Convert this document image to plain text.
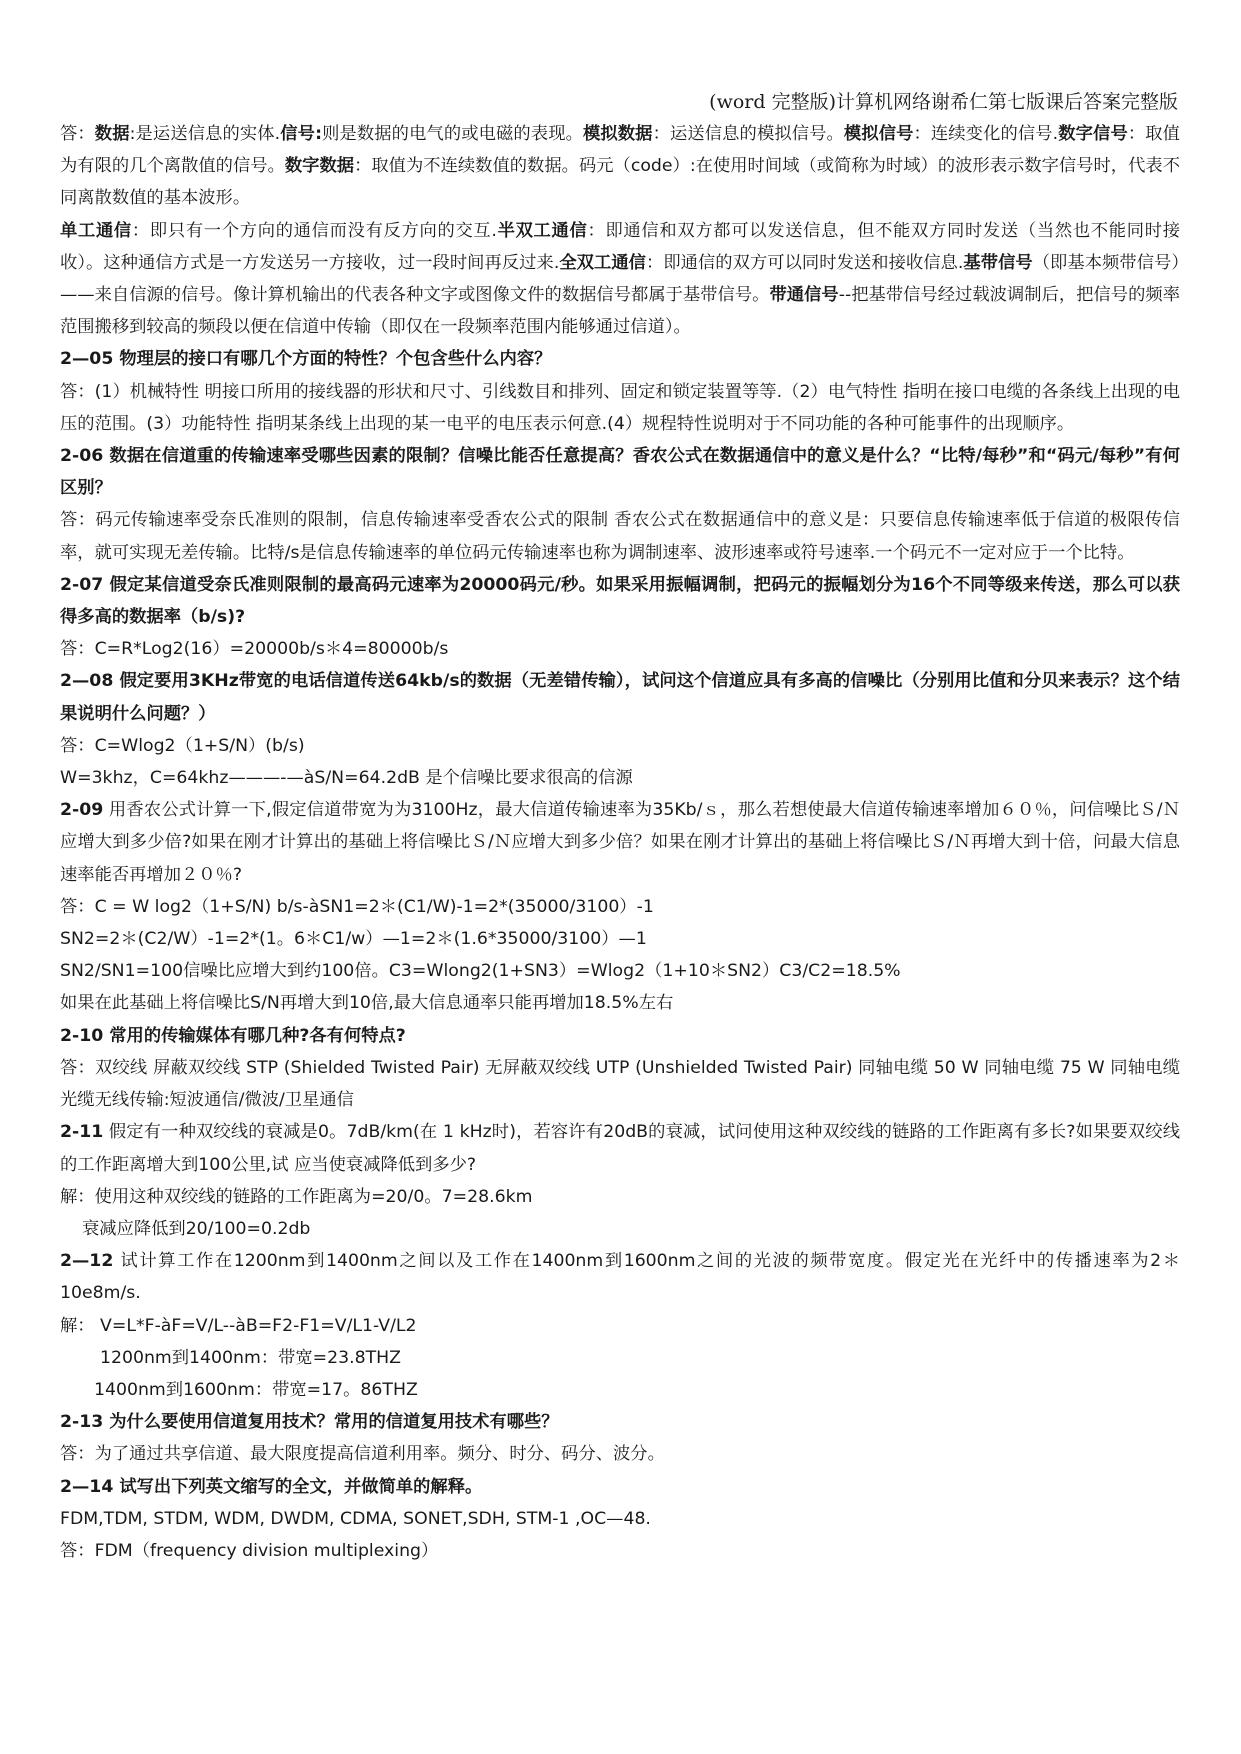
(word 完整版)计算机网络谢希仁第七版课后答案完整版

答：数据:是运送信息的实体.信号:则是数据的电气的或电磁的表现。模拟数据：运送信息的模拟信号。模拟信号：连续变化的信号.数字信号：取值为有限的几个离散值的信号。数字数据：取值为不连续数值的数据。码元（code）:在使用时间域（或简称为时域）的波形表示数字信号时，代表不同离散数值的基本波形。

单工通信：即只有一个方向的通信而没有反方向的交互.半双工通信：即通信和双方都可以发送信息，但不能双方同时发送（当然也不能同时接收）。这种通信方式是一方发送另一方接收，过一段时间再反过来.全双工通信：即通信的双方可以同时发送和接收信息.基带信号（即基本频带信号）——来自信源的信号。像计算机输出的代表各种文字或图像文件的数据信号都属于基带信号。带通信号--把基带信号经过载波调制后，把信号的频率范围搬移到较高的频段以便在信道中传输（即仅在一段频率范围内能够通过信道）。

2—05 物理层的接口有哪几个方面的特性？个包含些什么内容？

答：(1）机械特性 明接口所用的接线器的形状和尺寸、引线数目和排列、固定和锁定装置等等.（2）电气特性 指明在接口电缆的各条线上出现的电压的范围。(3）功能特性 指明某条线上出现的某一电平的电压表示何意.(4）规程特性说明对于不同功能的各种可能事件的出现顺序。

2-06 数据在信道重的传输速率受哪些因素的限制？信噪比能否任意提高？香农公式在数据通信中的意义是什么？“比特/每秒”和“码元/每秒”有何区别？

答：码元传输速率受奈氏准则的限制，信息传输速率受香农公式的限制 香农公式在数据通信中的意义是：只要信息传输速率低于信道的极限传信率，就可实现无差传输。比特/s是信息传输速率的单位码元传输速率也称为调制速率、波形速率或符号速率.一个码元不一定对应于一个比特。

2-07 假定某信道受奈氏准则限制的最高码元速率为20000码元/秒。如果采用振幅调制，把码元的振幅划分为16个不同等级来传送，那么可以获得多高的数据率（b/s)?

答：C=R*Log2(16）=20000b/s＊4=80000b/s

2—08 假定要用3KHz带宽的电话信道传送64kb/s的数据（无差错传输），试问这个信道应具有多高的信噪比（分别用比值和分贝来表示？这个结果说明什么问题？）

答：C=Wlog2（1+S/N）(b/s)

W=3khz，C=64khz———-—àS/N=64.2dB 是个信噪比要求很高的信源

2-09 用香农公式计算一下,假定信道带宽为为3100Hz，最大信道传输速率为35Kb/ｓ，那么若想使最大信道传输速率增加６０％，问信噪比Ｓ/Ｎ应增大到多少倍?如果在刚才计算出的基础上将信噪比Ｓ/Ｎ应增大到多少倍？如果在刚才计算出的基础上将信噪比Ｓ/Ｎ再增大到十倍，问最大信息速率能否再增加２０％?

答：C = W log2（1+S/N) b/s-àSN1=2＊(C1/W)-1=2*(35000/3100）-1

SN2=2＊(C2/W）-1=2*(1。6＊C1/w）—1=2＊(1.6*35000/3100）—1

SN2/SN1=100信噪比应增大到约100倍。C3=Wlong2(1+SN3）=Wlog2（1+10＊SN2）C3/C2=18.5%

如果在此基础上将信噪比S/N再增大到10倍,最大信息通率只能再增加18.5%左右

2-10 常用的传输媒体有哪几种?各有何特点?

答：双绞线 屏蔽双绞线 STP (Shielded Twisted Pair) 无屏蔽双绞线 UTP (Unshielded Twisted Pair) 同轴电缆 50 W 同轴电缆 75 W 同轴电缆 光缆无线传输:短波通信/微波/卫星通信

2-11 假定有一种双绞线的衰减是0。7dB/km(在 1 kHz时)，若容许有20dB的衰减，试问使用这种双绞线的链路的工作距离有多长?如果要双绞线的工作距离增大到100公里,试 应当使衰减降低到多少?

解：使用这种双绞线的链路的工作距离为=20/0。7=28.6km

衰减应降低到20/100=0.2db

2—12 试计算工作在1200nm到1400nm之间以及工作在1400nm到1600nm之间的光波的频带宽度。假定光在光纤中的传播速率为2＊10e8m/s.

解： V=L*F-àF=V/L--àB=F2-F1=V/L1-V/L2

1200nm到1400nm：带宽=23.8THZ

1400nm到1600nm：带宽=17。86THZ

2-13 为什么要使用信道复用技术？常用的信道复用技术有哪些？

答：为了通过共享信道、最大限度提高信道利用率。频分、时分、码分、波分。

2—14 试写出下列英文缩写的全文，并做简单的解释。

FDM,TDM, STDM, WDM, DWDM, CDMA, SONET,SDH, STM-1 ,OC—48.

答：FDM（frequency division multiplexing）
